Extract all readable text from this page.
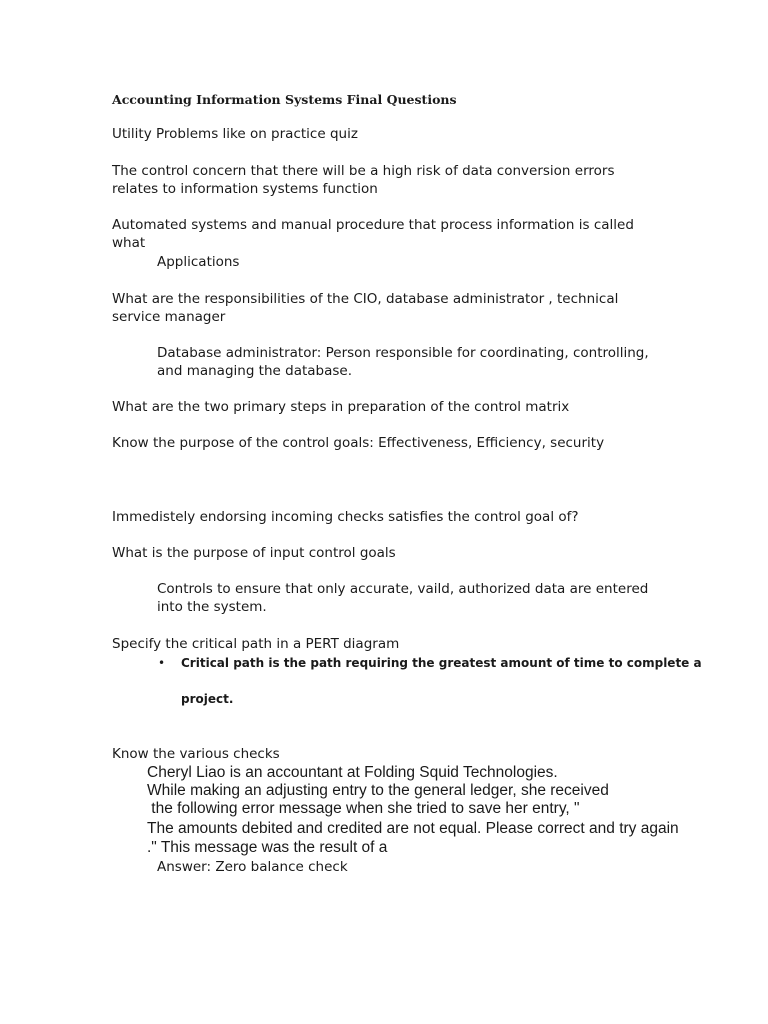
Accounting Information Systems Final Questions

Utility Problems like on practice quiz

The control concern that there will be a high risk of data conversion errors

relates to information systems function

Automated systems and manual procedure that process information is called

what

Applications

What are the responsibilities of the CIO, database administrator , technical

service manager

Database administrator: Person responsible for coordinating, controlling,

and managing the database.

What are the two primary steps in preparation of the control matrix

Know the purpose of the control goals: Effectiveness, Efficiency, security

Immedistely endorsing incoming checks satisfies the control goal of?

What is the purpose of input control goals

Controls to ensure that only accurate, vaild, authorized data are entered

into the system.

Specify the critical path in a PERT diagram

• Critical path is the path requiring the greatest amount of time to complete a

project.

Know the various checks

Cheryl Liao is an accountant at Folding Squid Technologies.

While making an adjusting entry to the general ledger, she received

the following error message when she tried to save her entry, "

The amounts debited and credited are not equal. Please correct and try again

." This message was the result of a

Answer: Zero balance check
